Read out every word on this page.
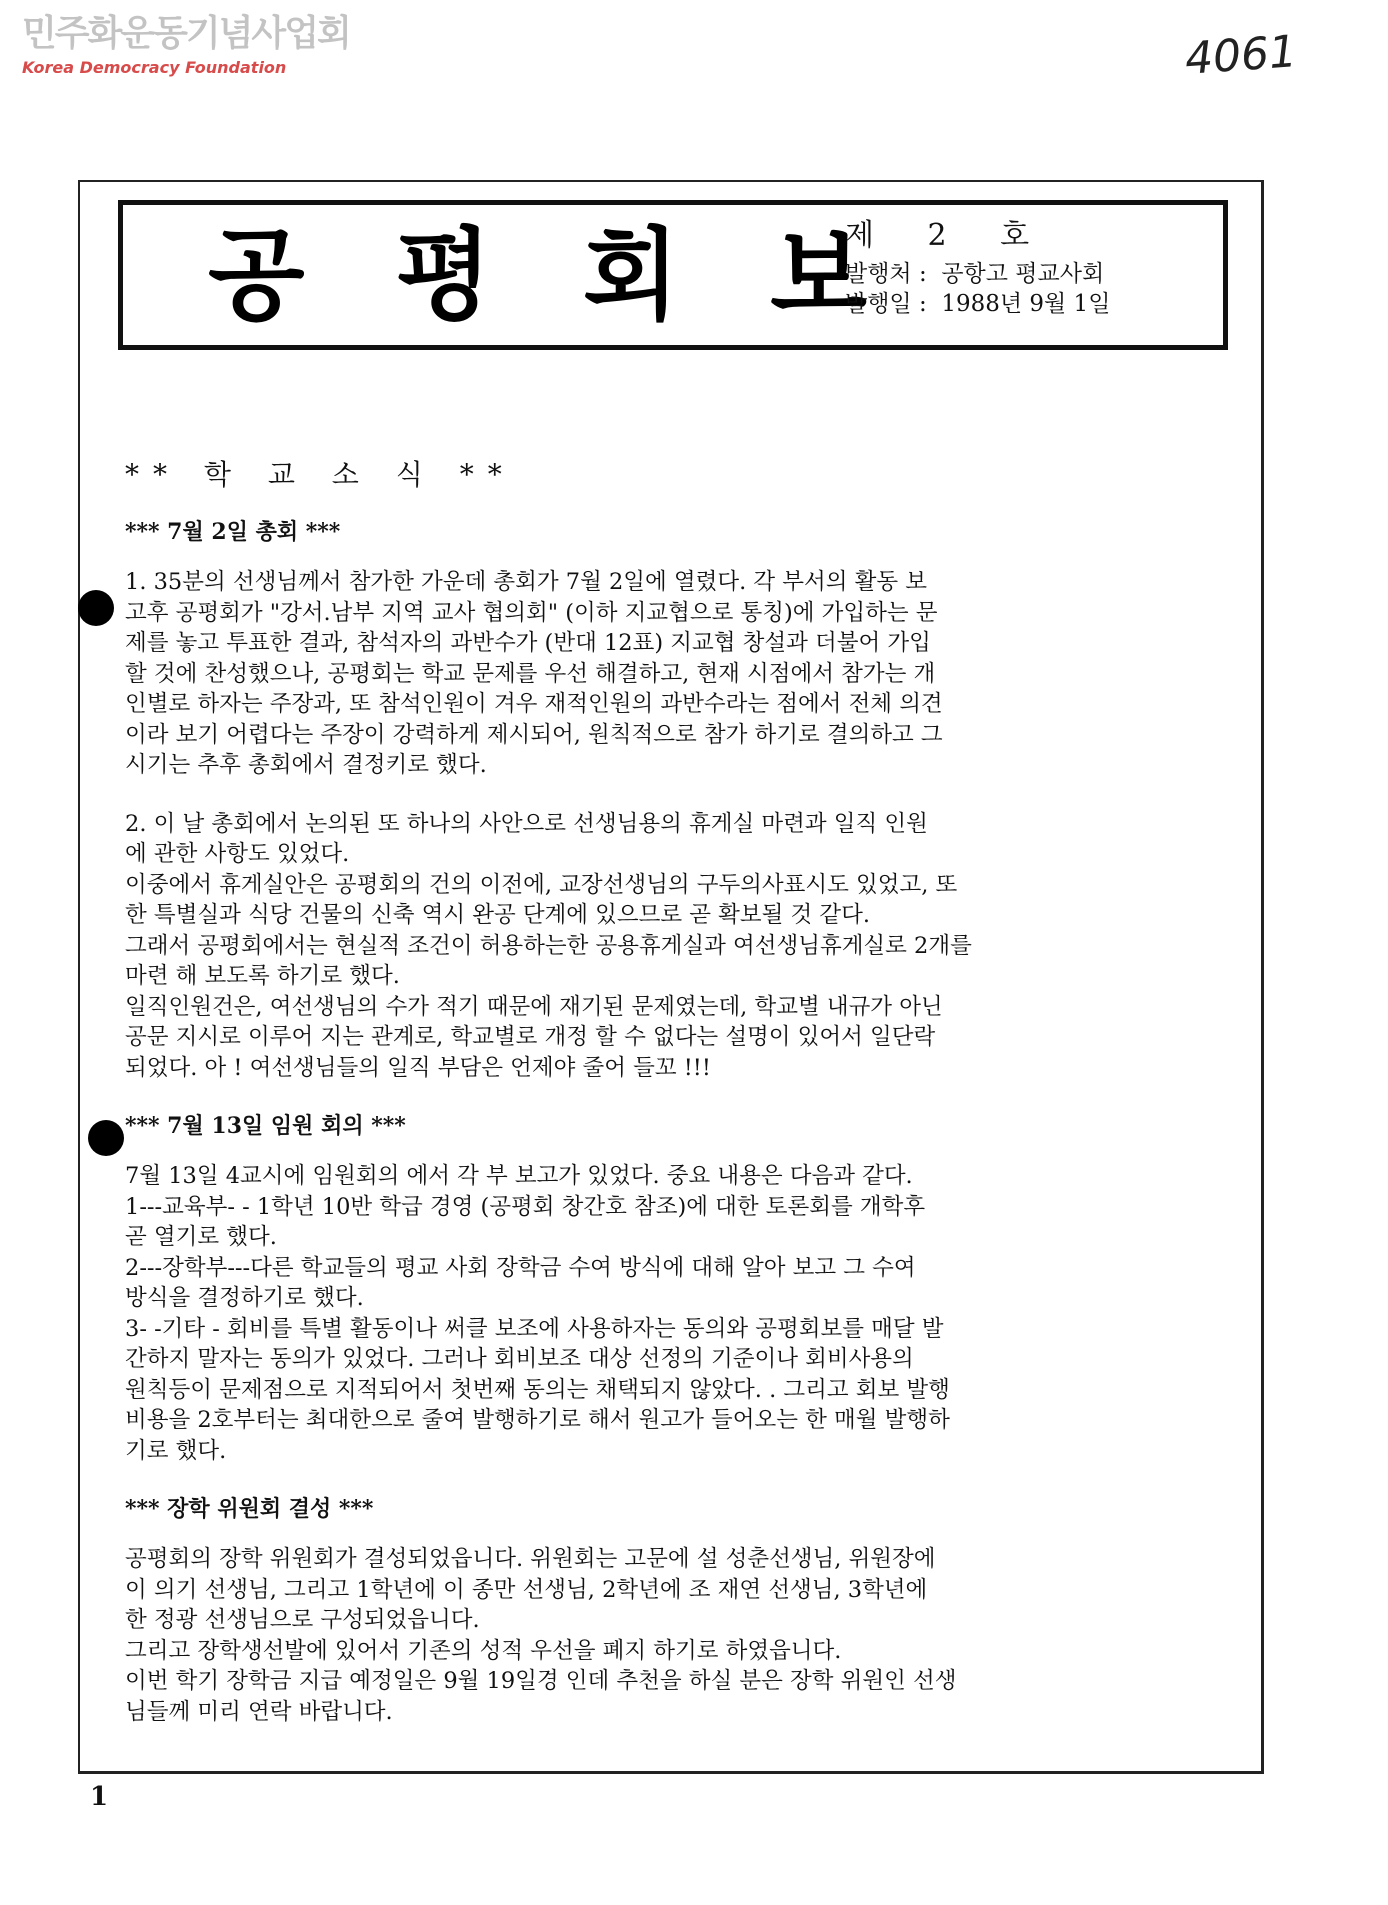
민주화운동기념사업회
Korea Democracy Foundation	4061
공 평 회 보
제 2 호
발행처 :  공항고 평교사회
발행일 :  1988년 9월 1일
** 학 교 소 식 **
*** 7월 2일 총회 ***
1. 35분의 선생님께서 참가한 가운데 총회가 7월 2일에 열렸다. 각 부서의 활동 보
고후 공평회가 "강서.남부 지역 교사 협의회" (이하 지교협으로 통칭)에 가입하는 문
제를 놓고 투표한 결과, 참석자의 과반수가 (반대 12표) 지교협 창설과 더불어 가입
할 것에 찬성했으나, 공평회는 학교 문제를 우선 해결하고, 현재 시점에서 참가는 개
인별로 하자는 주장과, 또 참석인원이 겨우 재적인원의 과반수라는 점에서 전체 의견
이라 보기 어렵다는 주장이 강력하게 제시되어, 원칙적으로 참가 하기로 결의하고 그
시기는 추후 총회에서 결정키로 했다.
2. 이 날 총회에서 논의된 또 하나의 사안으로 선생님용의 휴게실 마련과 일직 인원
에 관한 사항도 있었다.
이중에서 휴게실안은 공평회의 건의 이전에, 교장선생님의 구두의사표시도 있었고, 또
한 특별실과 식당 건물의 신축 역시 완공 단계에 있으므로 곧 확보될 것 같다.
그래서 공평회에서는 현실적 조건이 허용하는한 공용휴게실과 여선생님휴게실로 2개를
마련 해 보도록 하기로 했다.
일직인원건은, 여선생님의 수가 적기 때문에 재기된 문제였는데, 학교별 내규가 아닌
공문 지시로 이루어 지는 관계로, 학교별로 개정 할 수 없다는 설명이 있어서 일단락
되었다. 아 ! 여선생님들의 일직 부담은 언제야 줄어 들꼬 !!!
*** 7월 13일 임원 회의 ***
7월 13일 4교시에 임원회의 에서 각 부 보고가 있었다. 중요 내용은 다음과 같다.
1---교육부- - 1학년 10반 학급 경영 (공평회 창간호 참조)에 대한 토론회를 개학후
곧 열기로 했다.
2---장학부---다른 학교들의 평교 사회 장학금 수여 방식에 대해 알아 보고 그 수여
방식을 결정하기로 했다.
3- -기타 - 회비를 특별 활동이나 써클 보조에 사용하자는 동의와 공평회보를 매달 발
간하지 말자는 동의가 있었다. 그러나 회비보조 대상 선정의 기준이나 회비사용의
원칙등이 문제점으로 지적되어서 첫번째 동의는 채택되지 않았다. . 그리고 회보 발행
비용을 2호부터는 최대한으로 줄여 발행하기로 해서 원고가 들어오는 한 매월 발행하
기로 했다.
*** 장학 위원회 결성 ***
공평회의 장학 위원회가 결성되었읍니다. 위원회는 고문에 설 성춘선생님, 위원장에
이 의기 선생님, 그리고 1학년에 이 종만 선생님, 2학년에 조 재연 선생님, 3학년에
한 정광 선생님으로 구성되었읍니다.
그리고 장학생선발에 있어서 기존의 성적 우선을 폐지 하기로 하였읍니다.
이번 학기 장학금 지급 예정일은 9월 19일경 인데 추천을 하실 분은 장학 위원인 선생
님들께 미리 연락 바랍니다.
1
